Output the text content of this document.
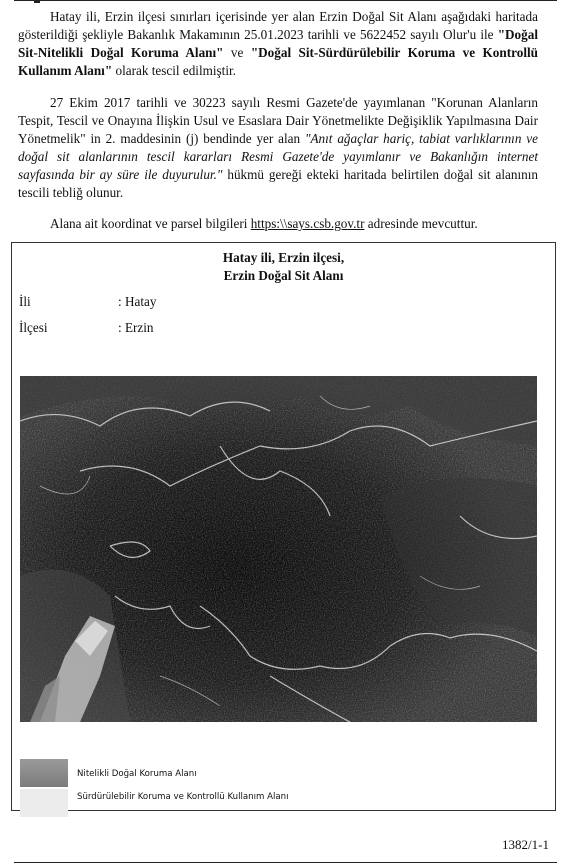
Hatay ili, Erzin ilçesi sınırları içerisinde yer alan Erzin Doğal Sit Alanı aşağıdaki haritada gösterildiği şekliyle Bakanlık Makamının 25.01.2023 tarihli ve 5622452 sayılı Olur'u ile "Doğal Sit-Nitelikli Doğal Koruma Alanı" ve "Doğal Sit-Sürdürülebilir Koruma ve Kontrollü Kullanım Alanı" olarak tescil edilmiştir.

27 Ekim 2017 tarihli ve 30223 sayılı Resmi Gazete'de yayımlanan "Korunan Alanların Tespit, Tescil ve Onayına İlişkin Usul ve Esaslara Dair Yönetmelikte Değişiklik Yapılmasına Dair Yönetmelik" in 2. maddesinin (j) bendinde yer alan "Anıt ağaçlar hariç, tabiat varlıklarının ve doğal sit alanlarının tescil kararları Resmi Gazete'de yayımlanır ve Bakanlığın internet sayfasında bir ay süre ile duyurulur." hükmü gereği ekteki haritada belirtilen doğal sit alanının tescili tebliğ olunur.

Alana ait koordinat ve parsel bilgileri https:\\says.csb.gov.tr adresinde mevcuttur.

Hatay ili, Erzin ilçesi,
Erzin Doğal Sit Alanı
İli	: Hatay
İlçesi	: Erzin
Nitelikli Doğal Koruma Alanı
Sürdürülebilir Koruma ve Kontrollü Kullanım Alanı
1382/1-1
